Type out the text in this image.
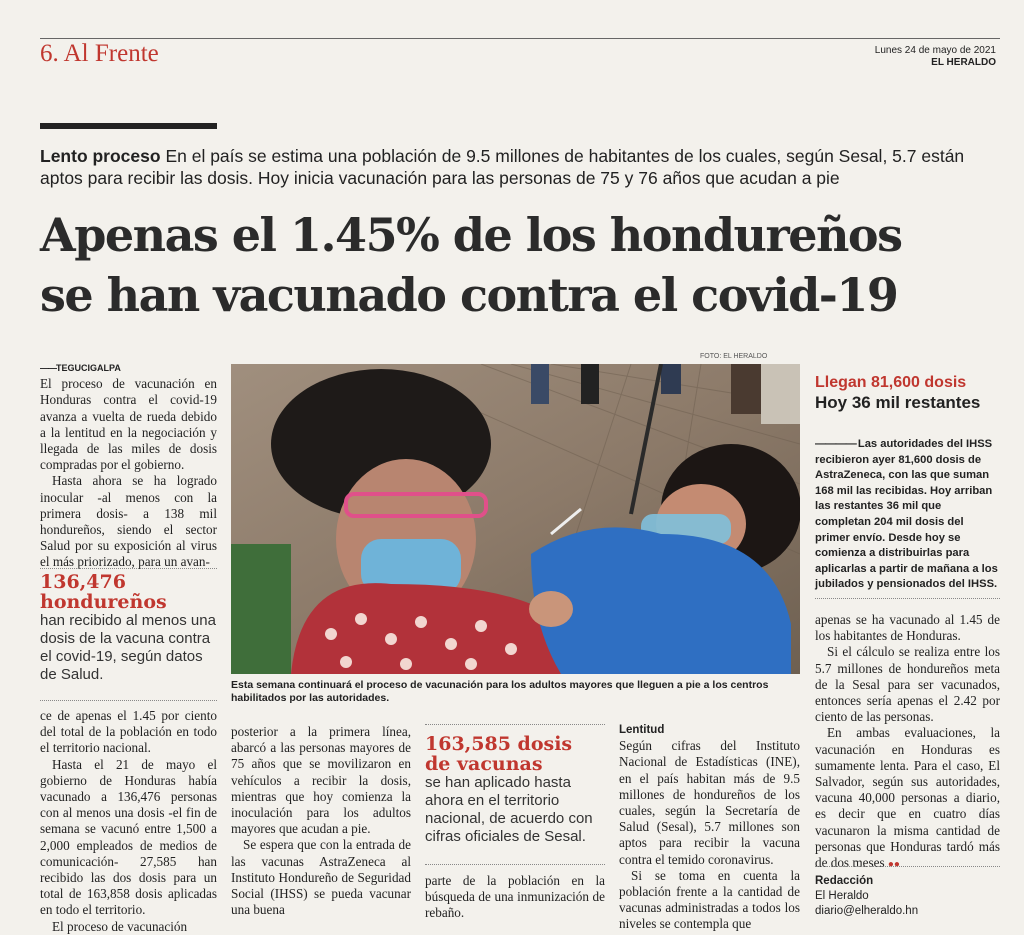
6. Al Frente	Lunes 24 de mayo de 2021
EL HERALDO
Lento proceso En el país se estima una población de 9.5 millones de habitantes de los cuales, según Sesal, 5.7 están aptos para recibir las dosis. Hoy inicia vacunación para las personas de 75 y 76 años que acudan a pie
Apenas el 1.45% de los hondureños
se han vacunado contra el covid-19
——TEGUCIGALPA

El proceso de vacunación en Honduras contra el covid-19 avanza a vuelta de rueda debido a la lentitud en la negociación y llegada de las miles de dosis compradas por el gobierno.

Hasta ahora se ha logrado inocular -al menos con la primera dosis- a 138 mil hondureños, siendo el sector Salud por su exposición al virus el más priorizado, para un avan-

136,476
hondureños
han recibido al menos una dosis de la vacuna contra el covid-19, según datos de Salud.

ce de apenas el 1.45 por ciento del total de la población en todo el territorio nacional.

Hasta el 21 de mayo el gobierno de Honduras había vacunado a 136,476 personas con al menos una dosis -el fin de semana se vacunó entre 1,500 a 2,000 empleados de medios de comunicación- 27,585 han recibido las dos dosis para un total de 163,858 dosis aplicadas en todo el territorio.

El proceso de vacunación

FOTO: EL HERALDO
Esta semana continuará el proceso de vacunación para los adultos mayores que lleguen a pie a los centros habilitados por las autoridades.

posterior a la primera línea, abarcó a las personas mayores de 75 años que se movilizaron en vehículos a recibir la dosis, mientras que hoy comienza la inoculación para los adultos mayores que acudan a pie.

Se espera que con la entrada de las vacunas AstraZeneca al Instituto Hondureño de Seguridad Social (IHSS) se pueda vacunar una buena

163,585 dosis
de vacunas
se han aplicado hasta ahora en el territorio nacional, de acuerdo con cifras oficiales de Sesal.

parte de la población en la búsqueda de una inmunización de rebaño.

Lentitud

Según cifras del Instituto Nacional de Estadísticas (INE), en el país habitan más de 9.5 millones de hondureños de los cuales, según la Secretaría de Salud (Sesal), 5.7 millones son aptos para recibir la vacuna contra el temido coronavirus.

Si se toma en cuenta la población frente a la cantidad de vacunas administradas a todos los niveles se contempla que

Llegan 81,600 dosis
Hoy 36 mil restantes
———— Las autoridades del IHSS recibieron ayer 81,600 dosis de AstraZeneca, con las que suman 168 mil las recibidas. Hoy arriban las restantes 36 mil que completan 204 mil dosis del primer envío. Desde hoy se comienza a distribuirlas para aplicarlas a partir de mañana a los jubilados y pensionados del IHSS.

apenas se ha vacunado al 1.45 de los habitantes de Honduras.

Si el cálculo se realiza entre los 5.7 millones de hondureños meta de la Sesal para ser vacunados, entonces sería apenas el 2.42 por ciento de las personas.

En ambas evaluaciones, la vacunación en Honduras es sumamente lenta. Para el caso, El Salvador, según sus autoridades, vacuna 40,000 personas a diario, es decir que en cuatro días vacunaron la misma cantidad de personas que Honduras tardó más de dos meses ●●

Redacción
El Heraldo
diario@elheraldo.hn
